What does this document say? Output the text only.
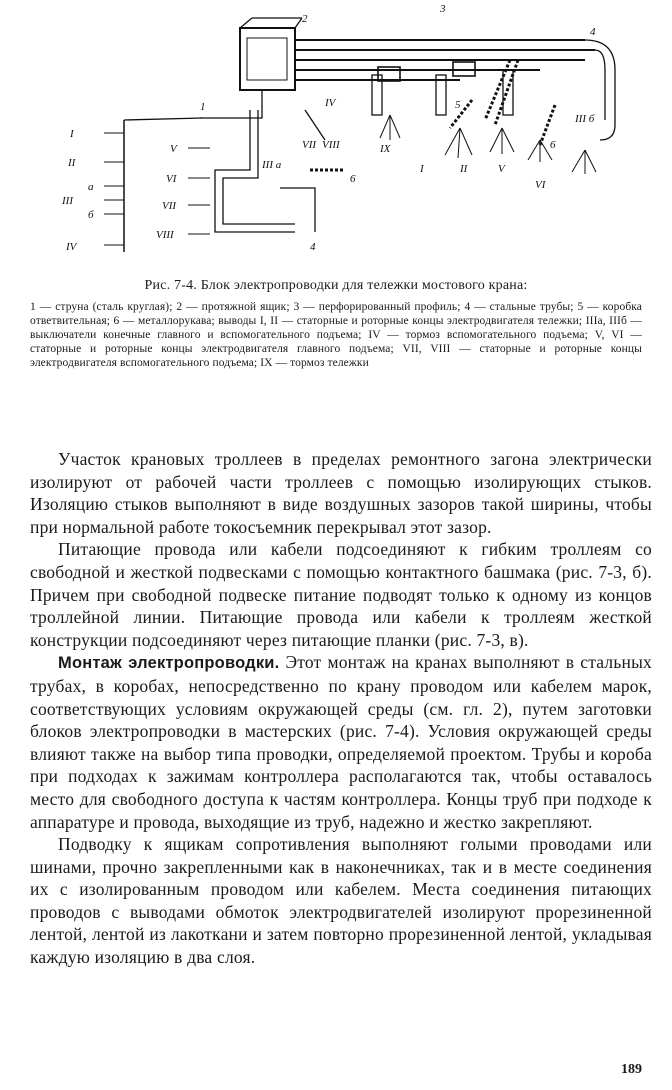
2
3
4
4
5
6
6
1
I
II
а
III
б
IV
V
VI
VII
VIII
IV
VII VIII
III а
IX
I	II	V
VI
III б
Рис. 7-4. Блок электропроводки для тележки мостового крана:
1 — струна (сталь круглая); 2 — протяжной ящик; 3 — перфорированный профиль; 4 — стальные трубы; 5 — коробка ответвительная; 6 — металлорукава; выводы I, II — статорные и роторные концы электродвигателя тележки; IIIа, IIIб — выключатели конечные главного и вспомогательного подъема; IV — тормоз вспомогательного подъема; V, VI — статорные и роторные концы электродвигателя главного подъема; VII, VIII — статорные и роторные концы электродвигателя вспомогательного подъема; IX — тормоз тележки

Участок крановых троллеев в пределах ремонтного загона электрически изолируют от рабочей части троллеев с помощью изолирующих стыков. Изоляцию стыков выполняют в виде воздушных зазоров такой ширины, чтобы при нормальной работе токосъемник перекрывал этот зазор.

Питающие провода или кабели подсоединяют к гибким троллеям со свободной и жесткой подвесками с помощью контактного башмака (рис. 7-3, б). Причем при свободной подвеске питание подводят только к одному из концов троллейной линии. Питающие провода или кабели к троллеям жесткой конструкции подсоединяют через питающие планки (рис. 7-3, в).

Монтаж электропроводки. Этот монтаж на кранах выполняют в стальных трубах, в коробах, непосредственно по крану проводом или кабелем марок, соответствующих условиям окружающей среды (см. гл. 2), путем заготовки блоков электропроводки в мастерских (рис. 7-4). Условия окружающей среды влияют также на выбор типа проводки, определяемой проектом. Трубы и короба при подходах к зажимам контроллера располагаются так, чтобы оставалось место для свободного доступа к частям контроллера. Концы труб при подходе к аппаратуре и провода, выходящие из труб, надежно и жестко закрепляют.

Подводку к ящикам сопротивления выполняют голыми проводами или шинами, прочно закрепленными как в наконечниках, так и в месте соединения их с изолированным проводом или кабелем. Места соединения питающих проводов с выводами обмоток электродвигателей изолируют прорезиненной лентой, лентой из лакоткани и затем повторно прорезиненной лентой, укладывая каждую изоляцию в два слоя.

189
